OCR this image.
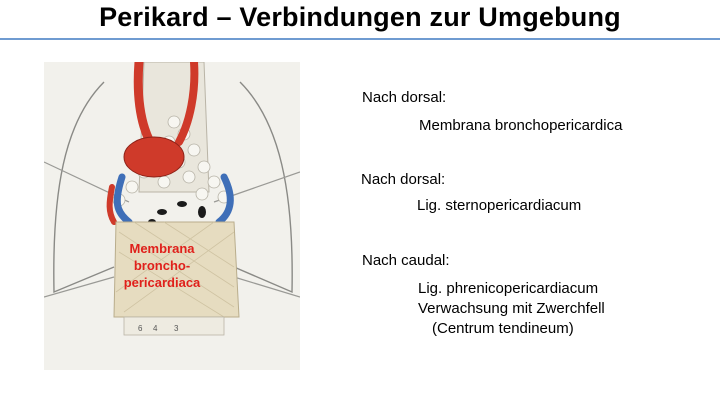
Perikard – Verbindungen zur Umgebung
6 4 3
Membrana
broncho-
pericardiaca
Nach dorsal:
Membrana bronchopericardica
Nach dorsal:
Lig. sternopericardiacum
Nach caudal:
Lig. phrenicopericardiacum
Verwachsung mit Zwerchfell
(Centrum tendineum)
